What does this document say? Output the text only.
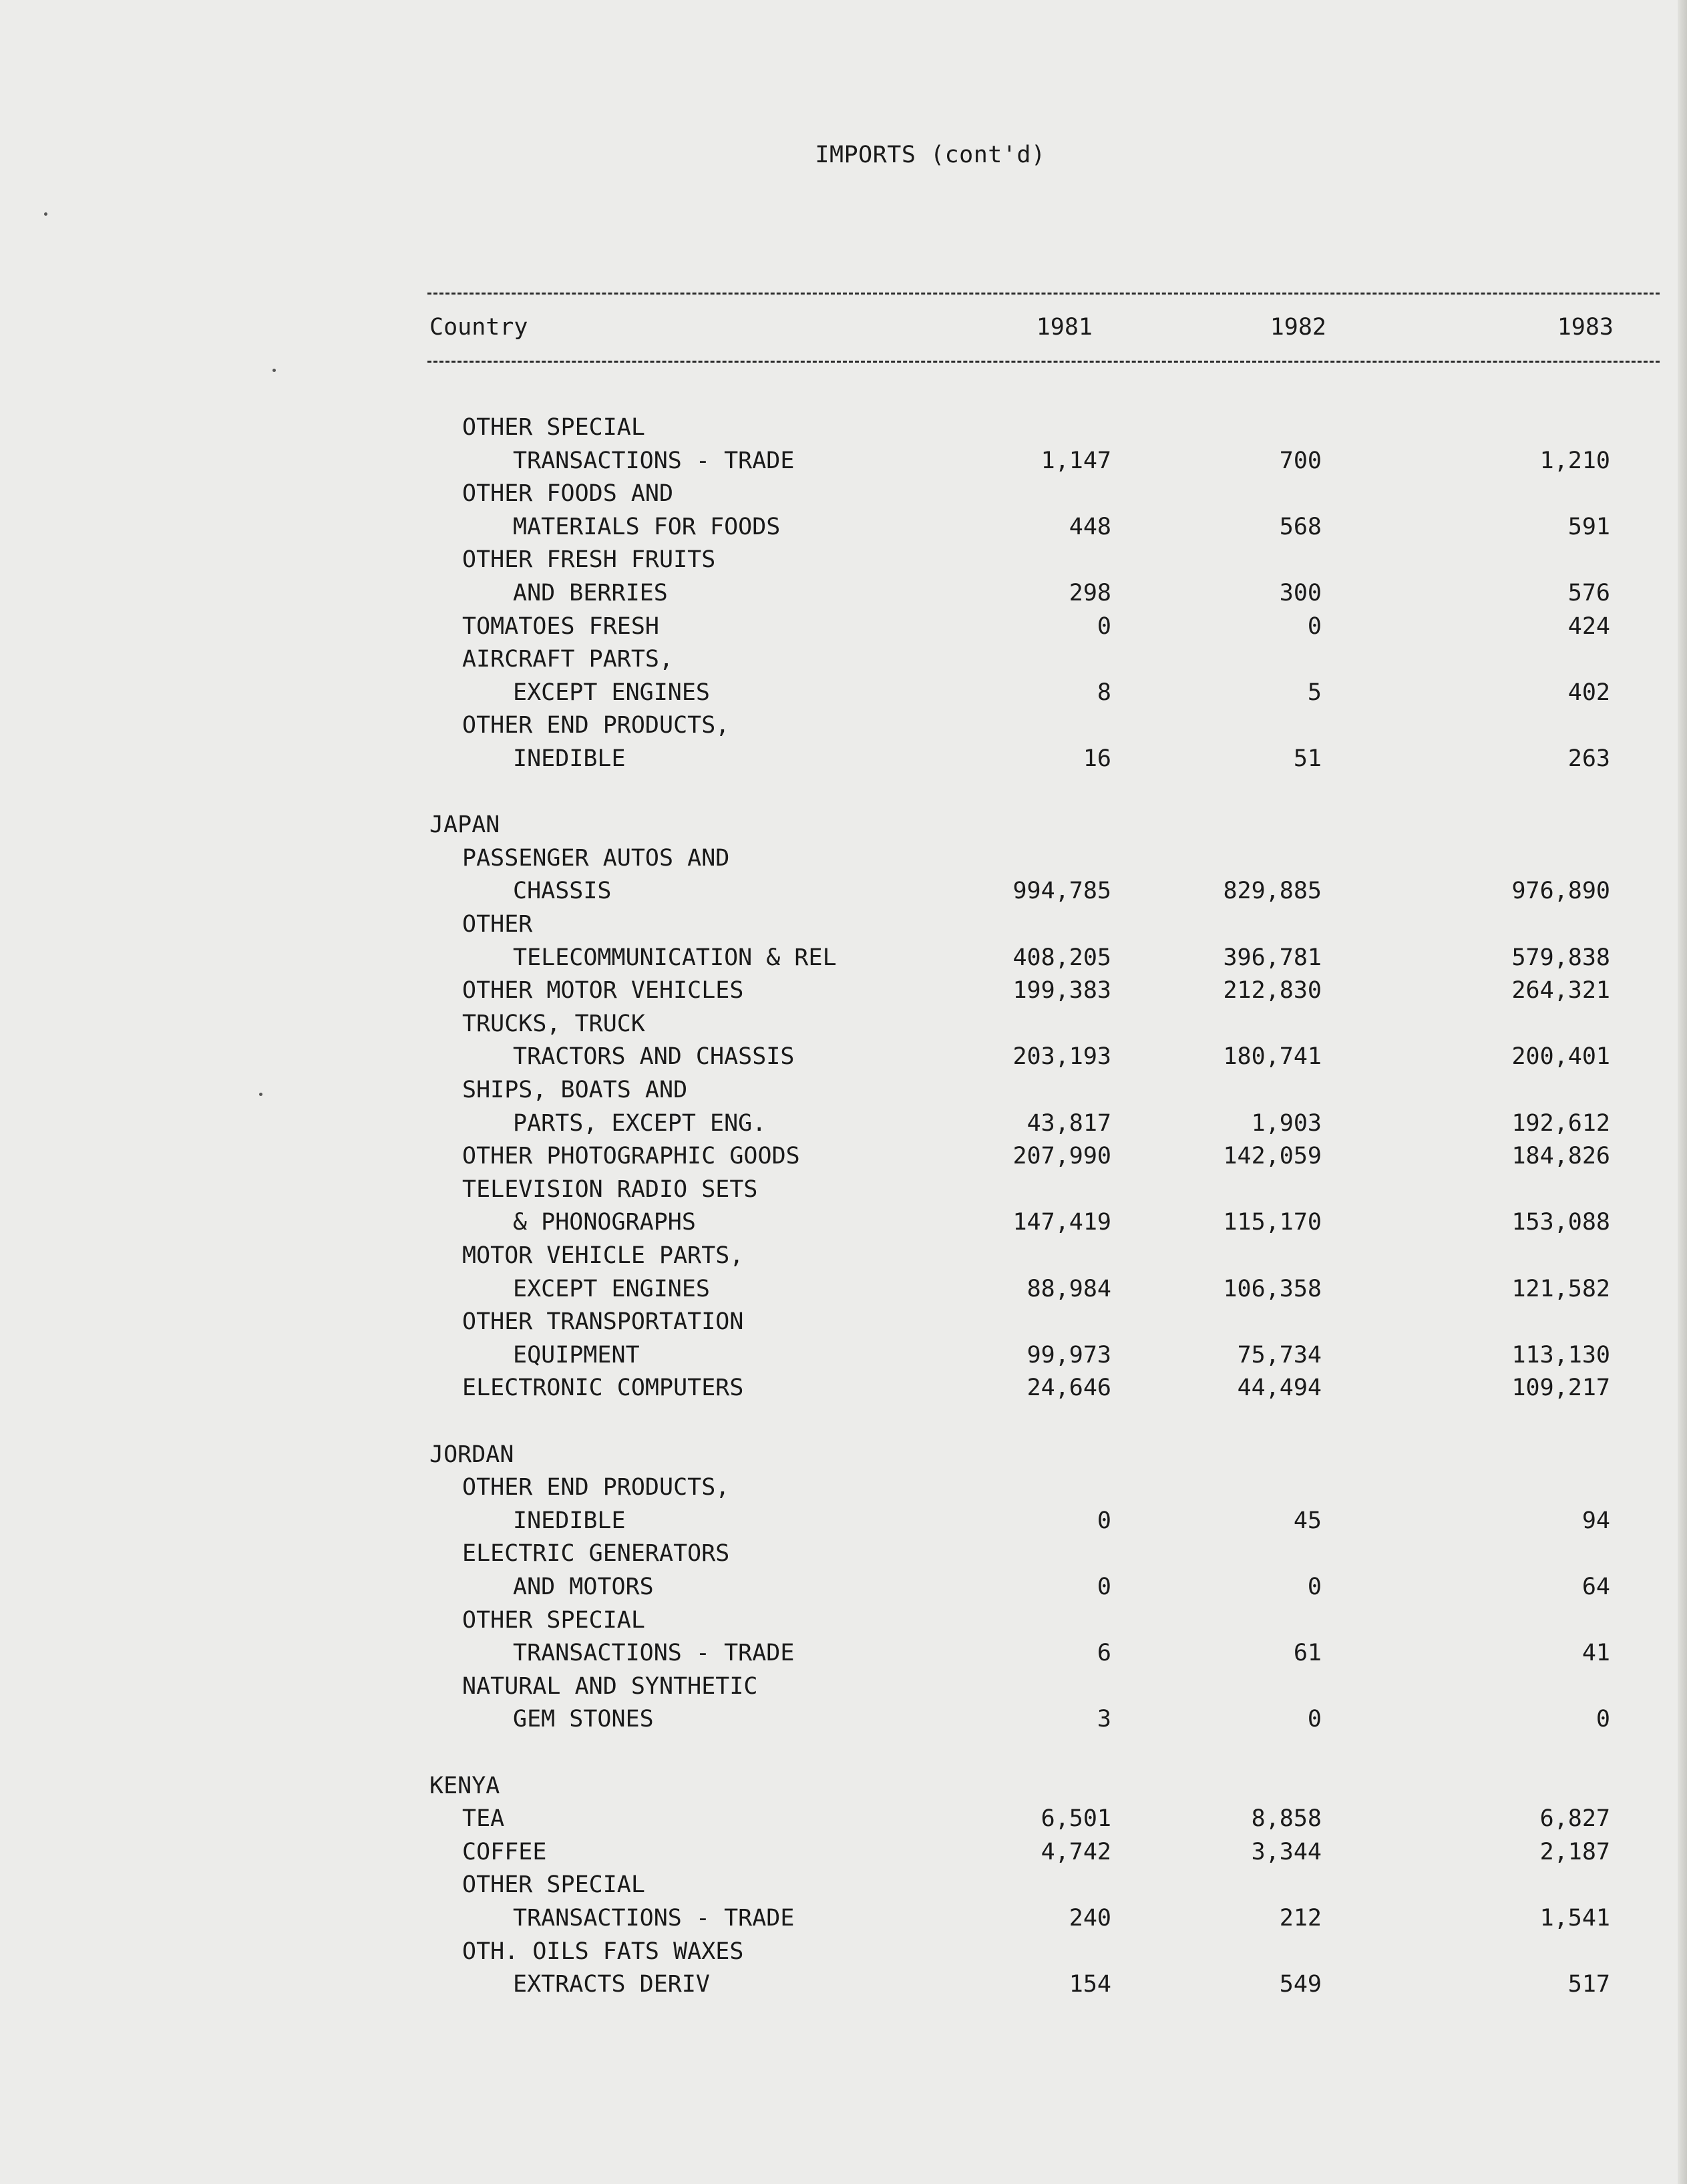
IMPORTS (cont'd)
Country	1981	1982	1983
OTHER SPECIAL
TRANSACTIONS - TRADE	1,147	700	1,210
OTHER FOODS AND
MATERIALS FOR FOODS	448	568	591
OTHER FRESH FRUITS
AND BERRIES	298	300	576
TOMATOES FRESH	0	0	424
AIRCRAFT PARTS,
EXCEPT ENGINES	8	5	402
OTHER END PRODUCTS,
INEDIBLE	16	51	263
JAPAN
PASSENGER AUTOS AND
CHASSIS	994,785	829,885	976,890
OTHER
TELECOMMUNICATION & REL	408,205	396,781	579,838
OTHER MOTOR VEHICLES	199,383	212,830	264,321
TRUCKS, TRUCK
TRACTORS AND CHASSIS	203,193	180,741	200,401
SHIPS, BOATS AND
PARTS, EXCEPT ENG.	43,817	1,903	192,612
OTHER PHOTOGRAPHIC GOODS	207,990	142,059	184,826
TELEVISION RADIO SETS
& PHONOGRAPHS	147,419	115,170	153,088
MOTOR VEHICLE PARTS,
EXCEPT ENGINES	88,984	106,358	121,582
OTHER TRANSPORTATION
EQUIPMENT	99,973	75,734	113,130
ELECTRONIC COMPUTERS	24,646	44,494	109,217
JORDAN
OTHER END PRODUCTS,
INEDIBLE	0	45	94
ELECTRIC GENERATORS
AND MOTORS	0	0	64
OTHER SPECIAL
TRANSACTIONS - TRADE	6	61	41
NATURAL AND SYNTHETIC
GEM STONES	3	0	0
KENYA
TEA	6,501	8,858	6,827
COFFEE	4,742	3,344	2,187
OTHER SPECIAL
TRANSACTIONS - TRADE	240	212	1,541
OTH. OILS FATS WAXES
EXTRACTS DERIV	154	549	517
